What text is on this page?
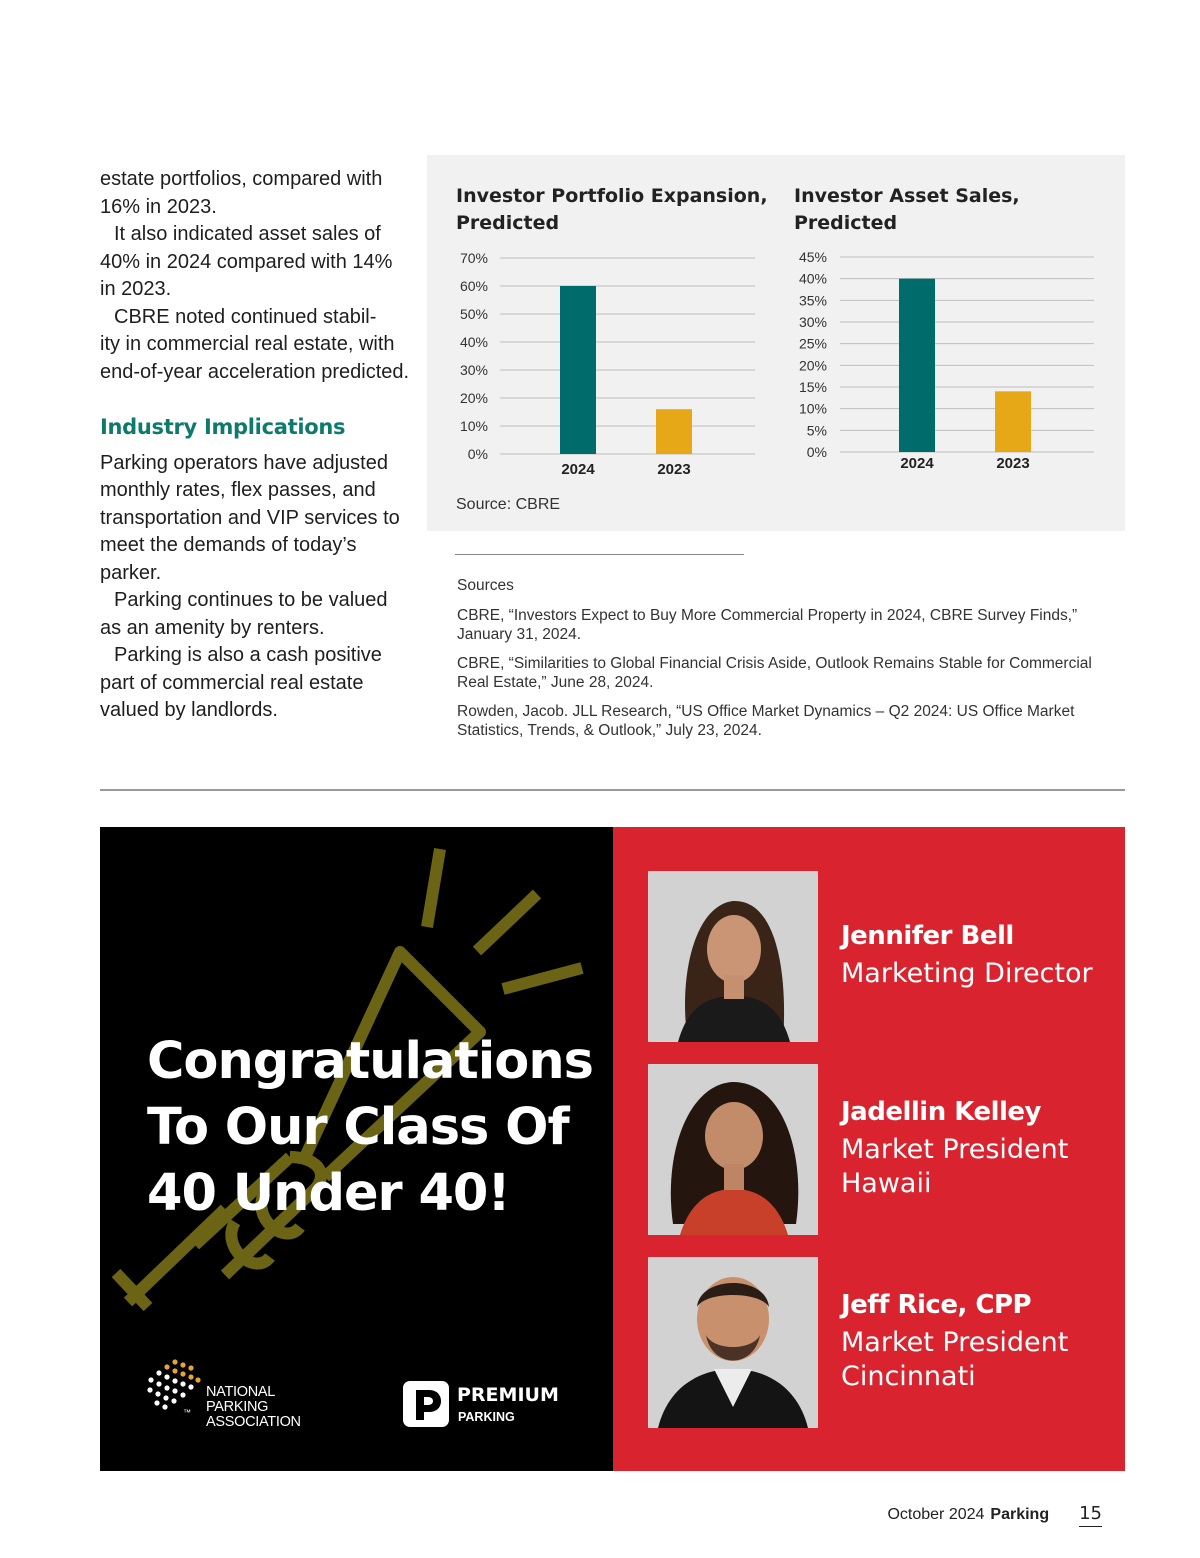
estate portfolios, compared with 16% in 2023.

It also indicated asset sales of 40% in 2024 compared with 14% in 2023.

CBRE noted continued stabil-
ity in commercial real estate, with end-of-year acceleration predicted.

Industry Implications

Parking operators have adjusted monthly rates, flex passes, and transportation and VIP services to meet the demands of today’s parker.

Parking continues to be valued as an amenity by renters.

Parking is also a cash positive part of commercial real estate valued by landlords.

Investor Portfolio Expansion,
Predicted
Investor Asset Sales,
Predicted
0%
10%
20%
30%
40%
50%
60%
70%
2024	2023
0%
5%
10%
15%
20%
25%
30%
35%
40%
45%
2024	2023
Source: CBRE
Sources
CBRE, “Investors Expect to Buy More Commercial Property in 2024, CBRE Survey Finds,” January 31, 2024.
CBRE, “Similarities to Global Financial Crisis Aside, Outlook Remains Stable for Commercial Real Estate,” June 28, 2024.
Rowden, Jacob. JLL Research, “US Office Market Dynamics – Q2 2024: US Office Market Statistics, Trends, & Outlook,” July 23, 2024.
Congratulations
To Our Class Of
40 Under 40!
™
NATIONAL
PARKING
ASSOCIATION
PREMIUM
PARKING
Jennifer Bell
Marketing Director
Jadellin Kelley
Market President
Hawaii
Jeff Rice, CPP
Market President
Cincinnati
October 2024 Parking 15
